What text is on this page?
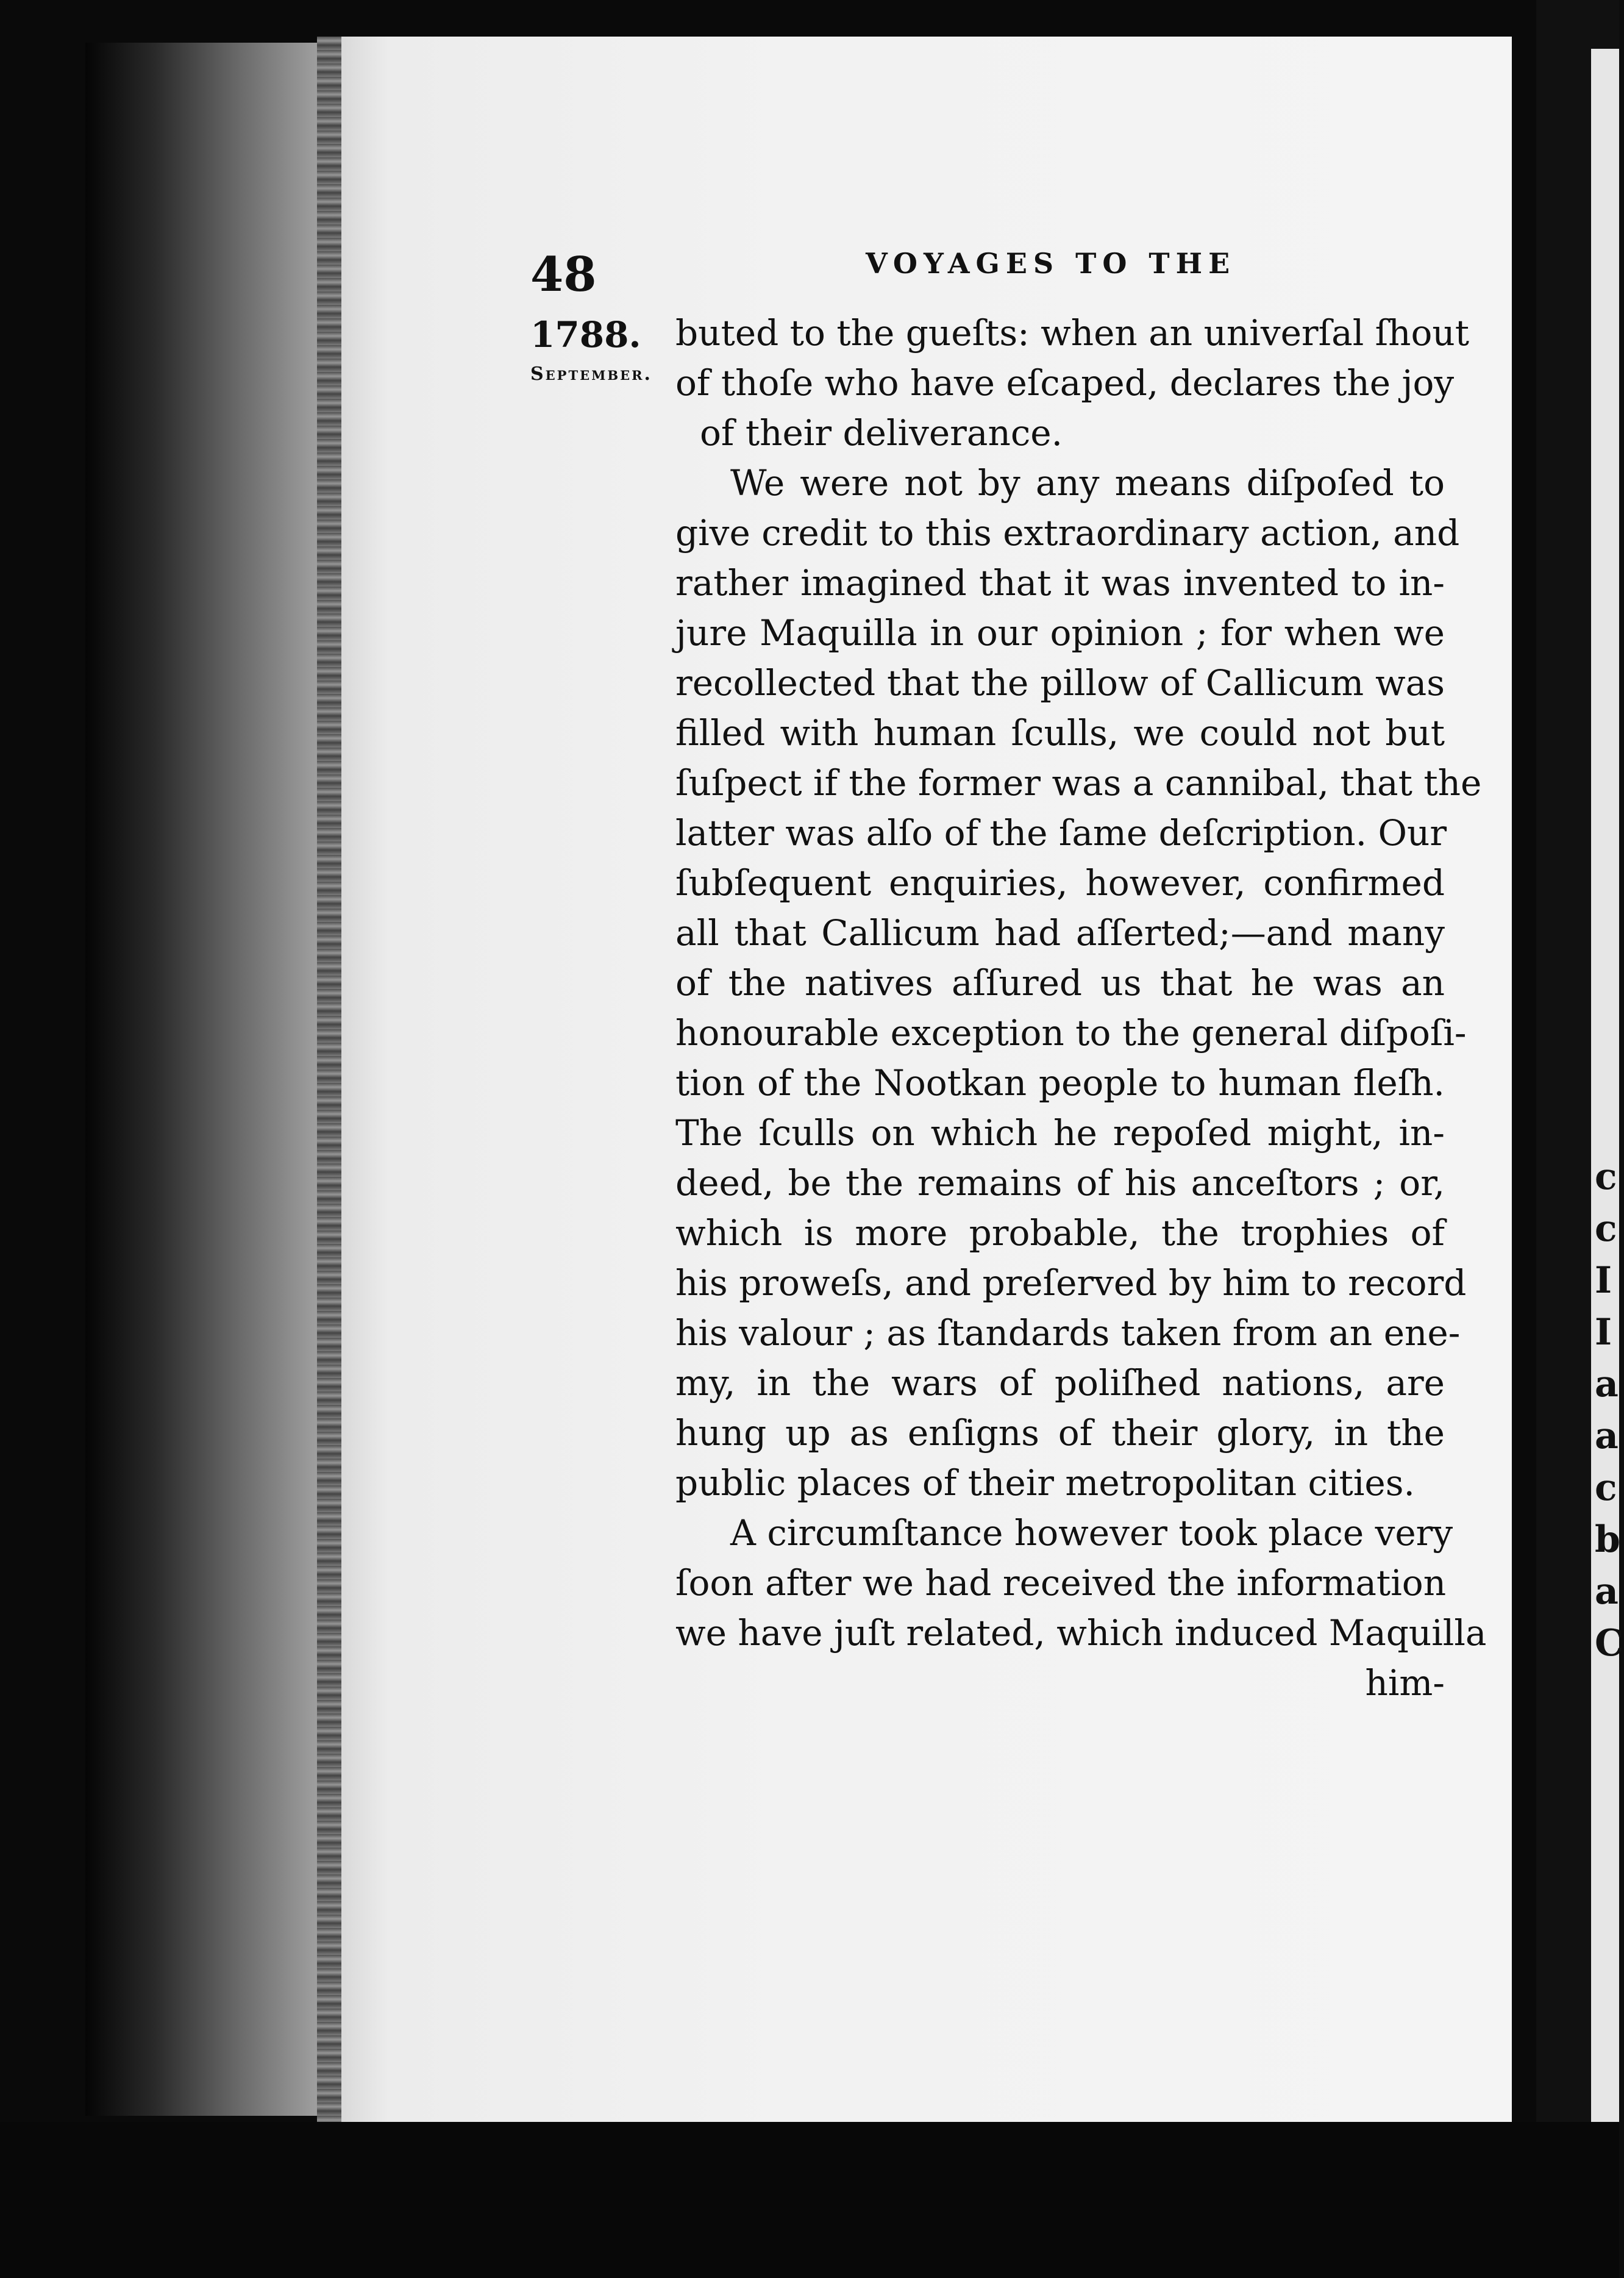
c
c
I
I
a
a
c
b
a
C
48	VOYAGES TO THE
1788.
September.
buted to the gueſts: when an univerſal ſhout
of thoſe who have eſcaped, declares the joy
of their deliverance.
We were not by any means diſpoſed to
give credit to this extraordinary action, and
rather imagined that it was invented to in-
jure Maquilla in our opinion ; for when we
recollected that the pillow of Callicum was
filled with human ſculls, we could not but
ſuſpect if the former was a cannibal, that the
latter was alſo of the ſame deſcription. Our
ſubſequent enquiries, however, confirmed
all that Callicum had aſſerted;—and many
of the natives aſſured us that he was an
honourable exception to the general diſpoſi-
tion of the Nootkan people to human fleſh.
The ſculls on which he repoſed might, in-
deed, be the remains of his anceſtors ; or,
which is more probable, the trophies of
his proweſs, and preſerved by him to record
his valour ; as ſtandards taken from an ene-
my, in the wars of poliſhed nations, are
hung up as enſigns of their glory, in the
public places of their metropolitan cities.
A circumſtance however took place very
ſoon after we had received the information
we have juſt related, which induced Maquilla
him-
